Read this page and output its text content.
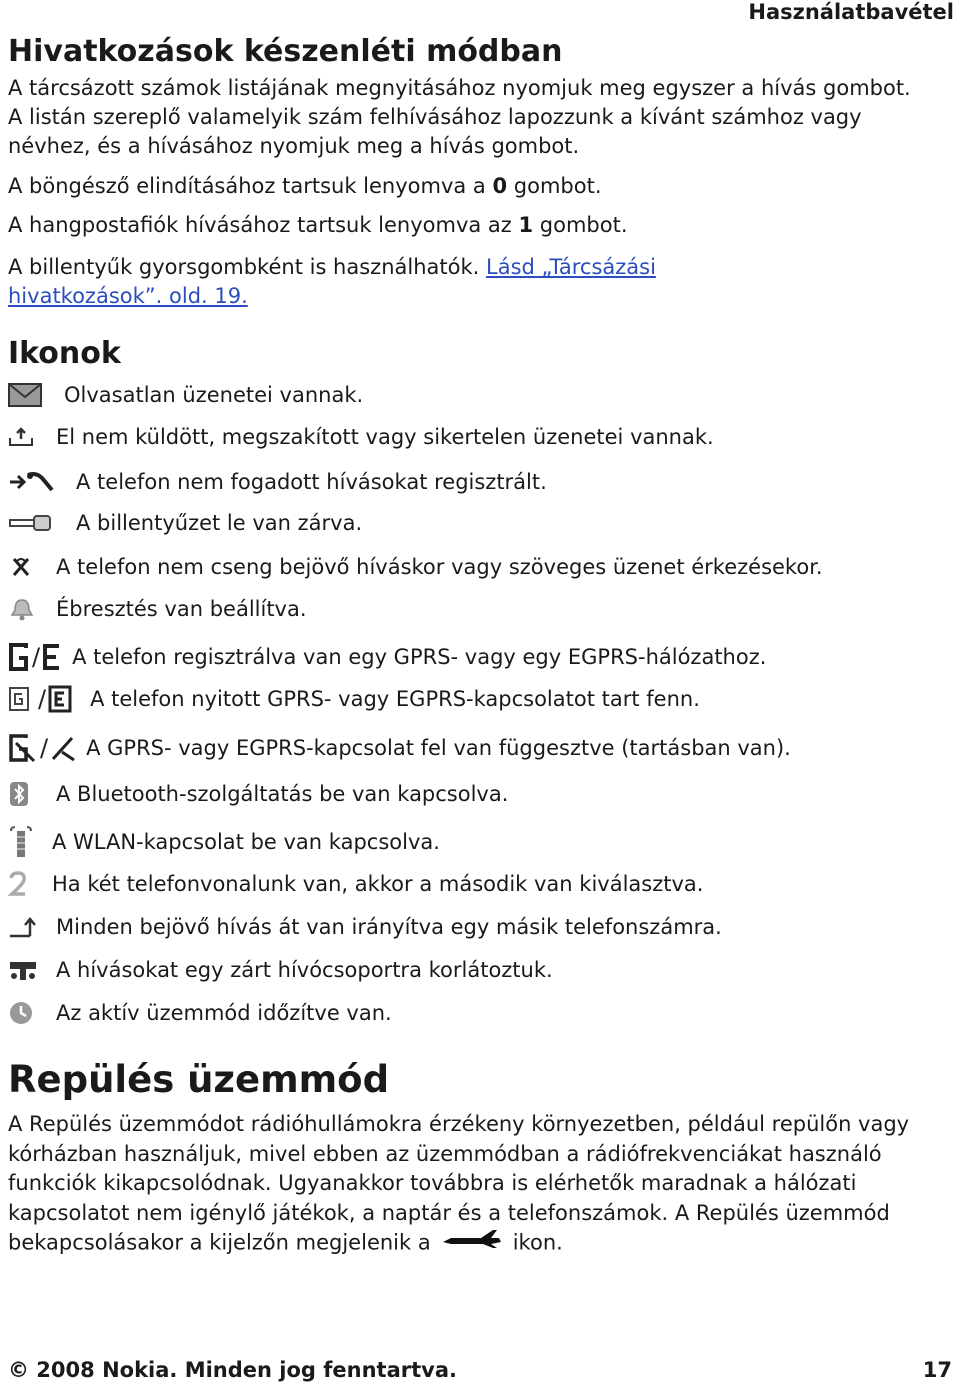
Használatbavétel
Hivatkozások készenléti módban
A tárcsázott számok listájának megnyitásához nyomjuk meg egyszer a hívás gombot.
A listán szereplő valamelyik szám felhívásához lapozzunk a kívánt számhoz vagy
névhez, és a hívásához nyomjuk meg a hívás gombot.
A böngésző elindításához tartsuk lenyomva a 0 gombot.
A hangpostafiók hívásához tartsuk lenyomva az 1 gombot.
A billentyűk gyorsgombként is használhatók. Lásd „Tárcsázási
hivatkozások”. old. 19.
Ikonok
Olvasatlan üzenetei vannak.
El nem küldött, megszakított vagy sikertelen üzenetei vannak.
A telefon nem fogadott hívásokat regisztrált.
A billentyűzet le van zárva.
A telefon nem cseng bejövő híváskor vagy szöveges üzenet érkezésekor.
Ébresztés van beállítva.
/ A telefon regisztrálva van egy GPRS- vagy egy EGPRS-hálózathoz.
/ A telefon nyitott GPRS- vagy EGPRS-kapcsolatot tart fenn.
/ A GPRS- vagy EGPRS-kapcsolat fel van függesztve (tartásban van).
A Bluetooth-szolgáltatás be van kapcsolva.
A WLAN-kapcsolat be van kapcsolva.
Ha két telefonvonalunk van, akkor a második van kiválasztva.
Minden bejövő hívás át van irányítva egy másik telefonszámra.
A hívásokat egy zárt hívócsoportra korlátoztuk.
Az aktív üzemmód időzítve van.
Repülés üzemmód
A Repülés üzemmódot rádióhullámokra érzékeny környezetben, például repülőn vagy kórházban használjuk, mivel ebben az üzemmódban a rádiófrekvenciákat használó funkciók kikapcsolódnak. Ugyanakkor továbbra is elérhetők maradnak a hálózati kapcsolatot nem igénylő játékok, a naptár és a telefonszámok. A Repülés üzemmód bekapcsolásakor a kijelzőn megjelenik a	ikon.
© 2008 Nokia. Minden jog fenntartva.	17
